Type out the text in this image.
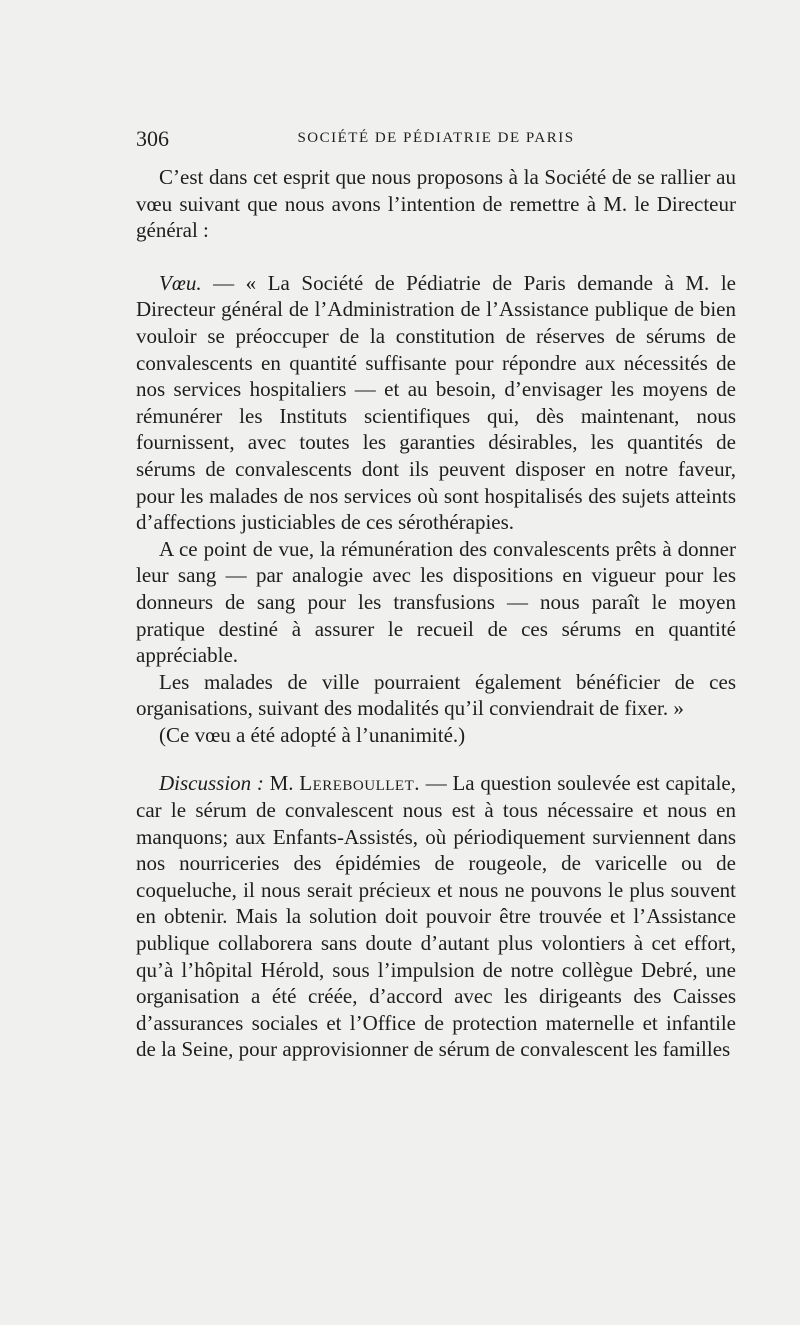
306	SOCIÉTÉ DE PÉDIATRIE DE PARIS

C’est dans cet esprit que nous proposons à la Société de se rallier au vœu suivant que nous avons l’intention de remettre à M. le Directeur général :

Vœu. — « La Société de Pédiatrie de Paris demande à M. le Directeur général de l’Administration de l’Assistance publique de bien vouloir se préoccuper de la constitution de réserves de sérums de convalescents en quantité suffisante pour répondre aux nécessités de nos services hospitaliers — et au besoin, d’envisager les moyens de rémunérer les Instituts scientifiques qui, dès maintenant, nous fournissent, avec toutes les garanties désirables, les quantités de sérums de convalescents dont ils peuvent disposer en notre faveur, pour les malades de nos services où sont hospitalisés des sujets atteints d’affections justiciables de ces sérothérapies.

A ce point de vue, la rémunération des convalescents prêts à donner leur sang — par analogie avec les dispositions en vigueur pour les donneurs de sang pour les transfusions — nous paraît le moyen pratique destiné à assurer le recueil de ces sérums en quantité appréciable.

Les malades de ville pourraient également bénéficier de ces organisations, suivant des modalités qu’il conviendrait de fixer. »

(Ce vœu a été adopté à l’unanimité.)

Discussion : M. Lereboullet. — La question soulevée est capitale, car le sérum de convalescent nous est à tous nécessaire et nous en manquons; aux Enfants-Assistés, où périodiquement surviennent dans nos nourriceries des épidémies de rougeole, de varicelle ou de coqueluche, il nous serait précieux et nous ne pouvons le plus souvent en obtenir. Mais la solution doit pouvoir être trouvée et l’Assistance publique collaborera sans doute d’autant plus volontiers à cet effort, qu’à l’hôpital Hérold, sous l’impulsion de notre collègue Debré, une organisation a été créée, d’accord avec les dirigeants des Caisses d’assurances sociales et l’Office de protection maternelle et infantile de la Seine, pour approvisionner de sérum de convalescent les familles
